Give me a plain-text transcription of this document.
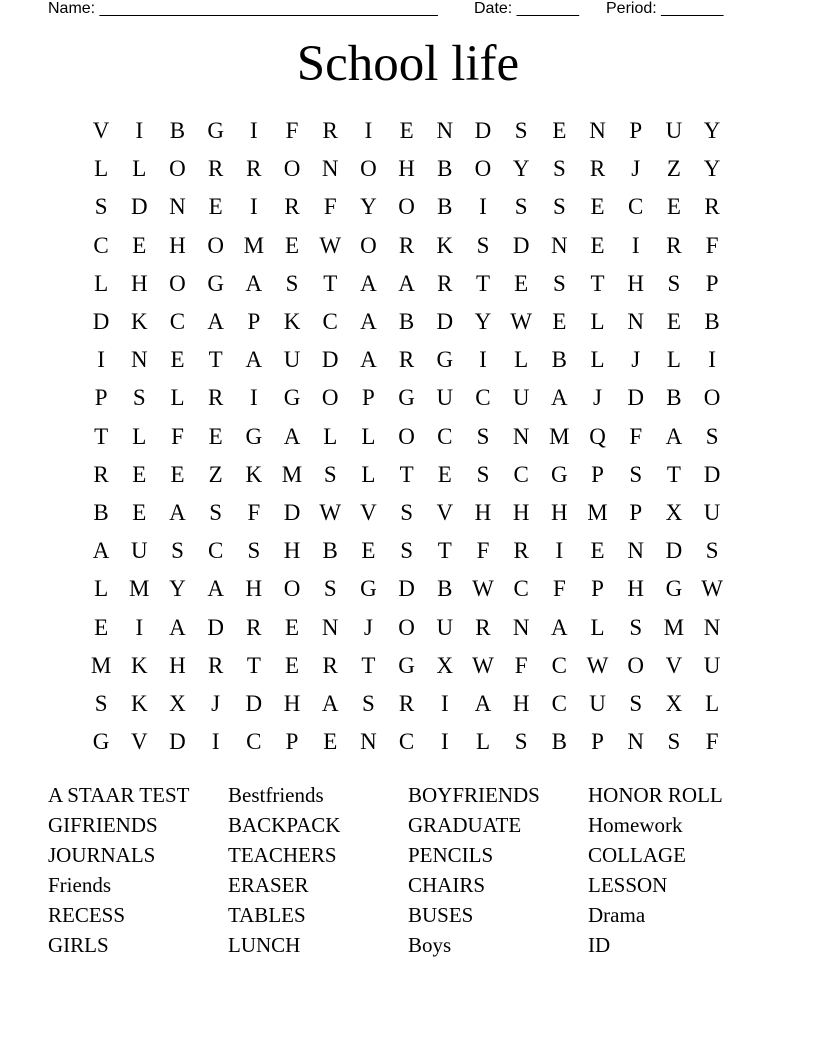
Name: ______________________________________ Date: _______ Period: _______
School life
V	I	B G	I	F	R	I	E N D	S	E N	P	U Y
L	L O R R O N O H B O Y	S	R	J	Z Y
S	D N E	I	R	F	Y O B	I	S	S	E	C	E	R
C	E H O M E W O R K	S	D N E	I	R	F
L H O G A	S	T A A R	T	E	S	T H	S	P
D K C A	P	K C A B D Y W E	L N E	B
I	N E	T A U D A R G	I	L	B	L	J	L	I
P	S	L	R	I	G O	P	G U C U A	J	D B O
T	L	F	E G A L	L O C	S	N M Q	F	A	S
R	E	E	Z K M S	L	T	E	S	C G	P	S	T D
B	E A	S	F	D W V	S	V H H H M P	X U
A U	S	C	S	H B	E	S	T	F	R	I	E N D	S
L M Y A H O	S	G D B W C	F	P	H G W
E	I	A D R	E N	J	O U R N A L	S M N
M K H R	T	E	R	T G X W F	C W O V U
S	K X	J	D H A	S	R	I	A H C U	S	X L
G V D	I	C	P	E N C	I	L	S	B	P	N	S	F
A STAAR TEST	Bestfriends	BOYFRIENDS	HONOR ROLL
GIFRIENDS	BACKPACK	GRADUATE	Homework
JOURNALS	TEACHERS	PENCILS	COLLAGE
Friends	ERASER	CHAIRS	LESSON
RECESS	TABLES	BUSES	Drama
GIRLS	LUNCH	Boys	ID
